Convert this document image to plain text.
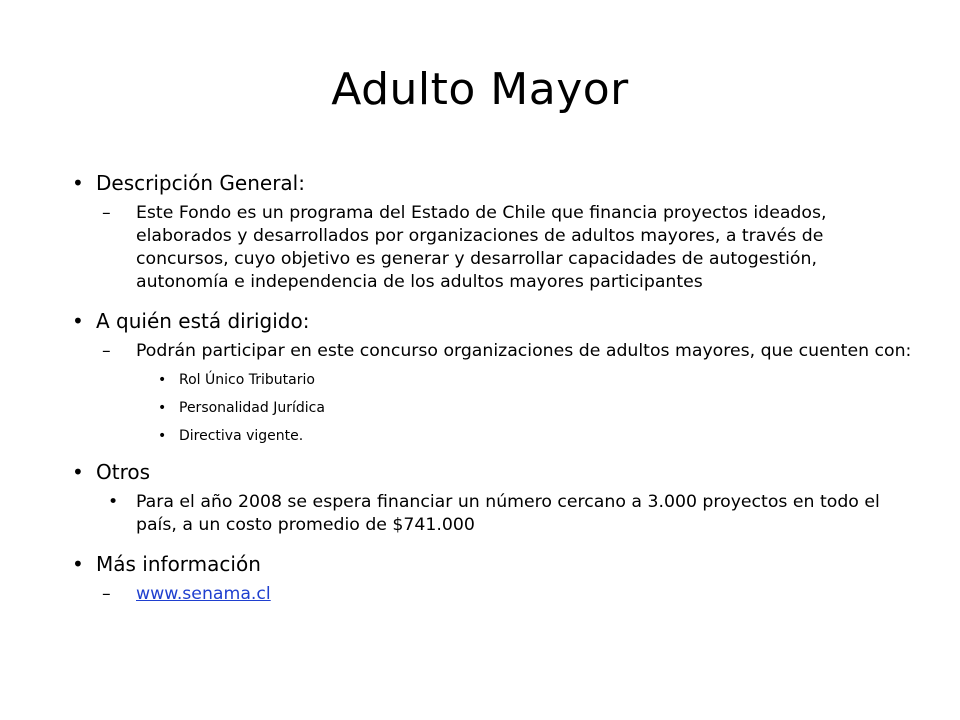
Adulto Mayor
• Descripción General:
– Este Fondo es un programa del Estado de Chile que financia proyectos ideados, elaborados y desarrollados por organizaciones de adultos mayores, a través de concursos, cuyo objetivo es generar y desarrollar capacidades de autogestión, autonomía e independencia de los adultos mayores participantes
• A quién está dirigido:
– Podrán participar en este concurso organizaciones de adultos mayores, que cuenten con:
• Rol Único Tributario
• Personalidad Jurídica
• Directiva vigente.
• Otros
• Para el año 2008 se espera financiar un número cercano a 3.000 proyectos en todo el país, a un costo promedio de $741.000
• Más información
– www.senama.cl
